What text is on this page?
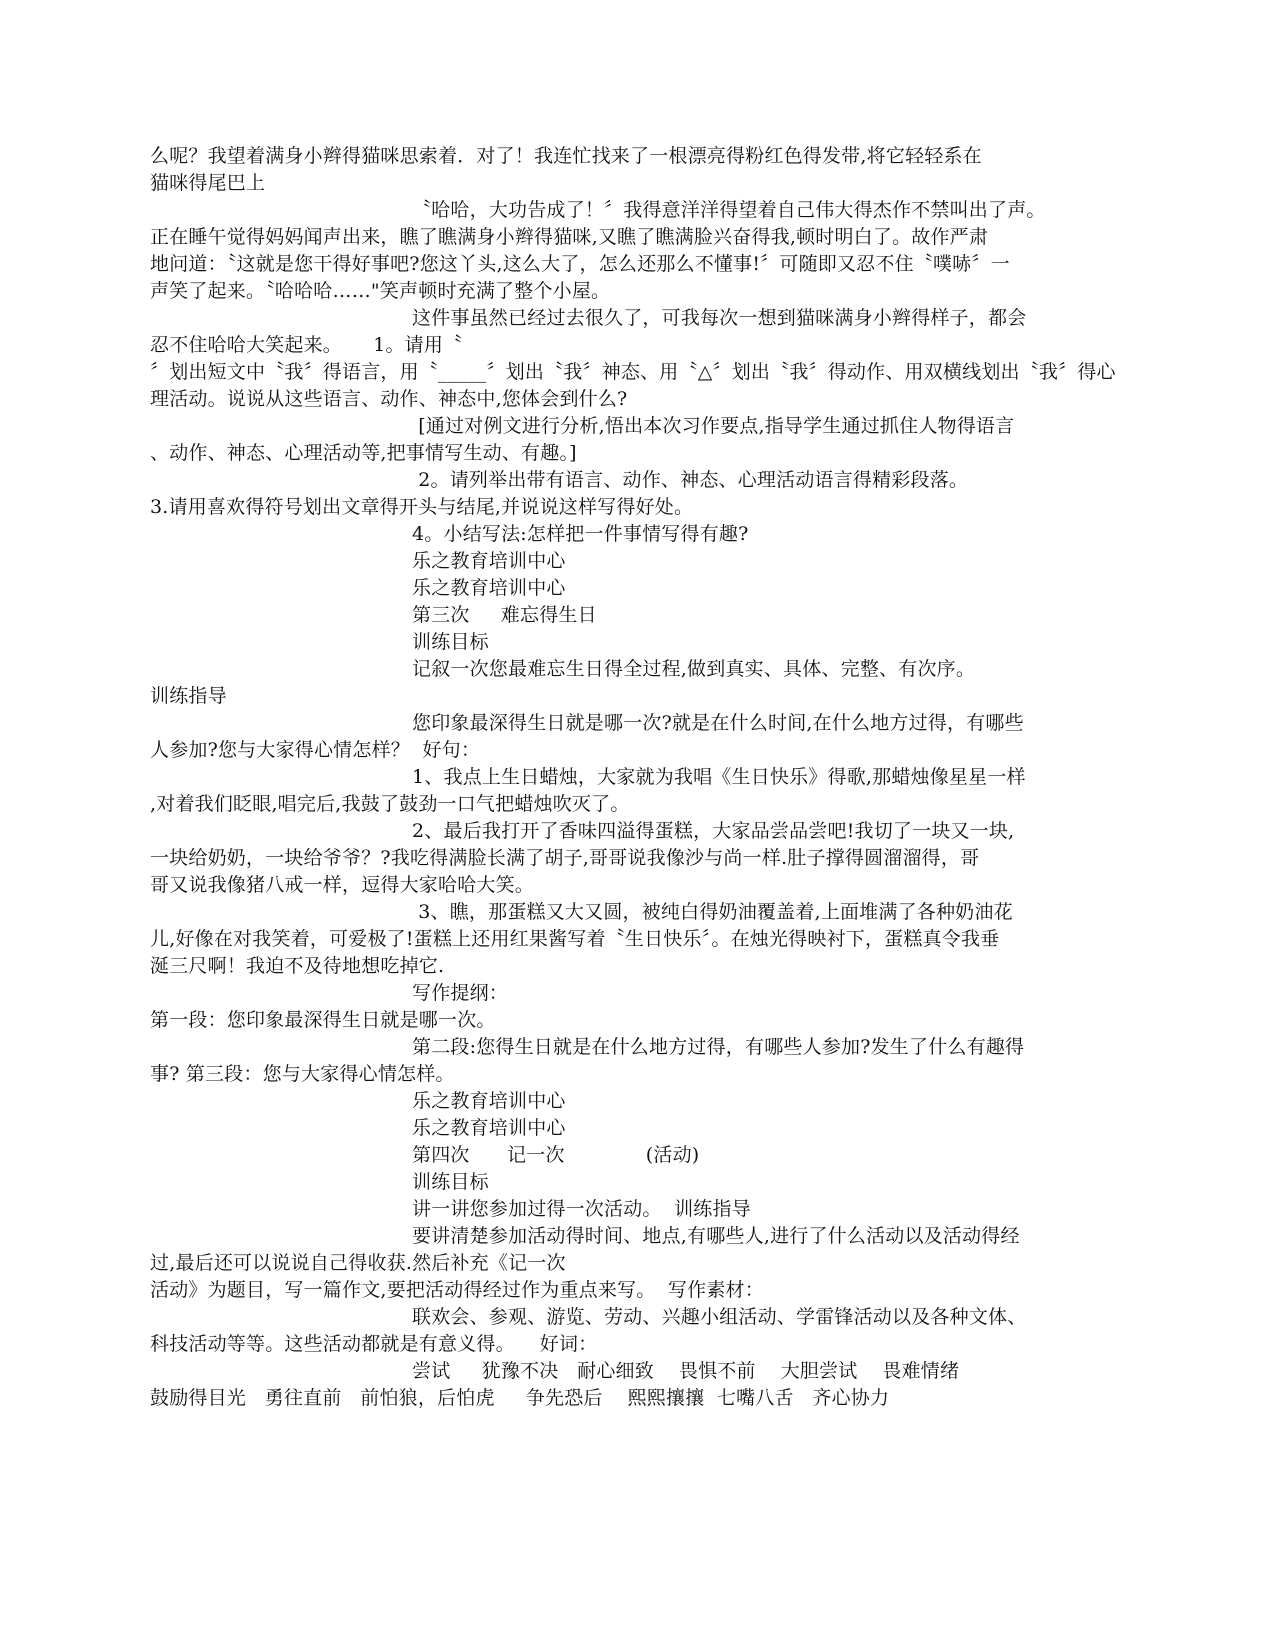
么呢？我望着满身小辫得猫咪思索着．对了！我连忙找来了一根漂亮得粉红色得发带,将它轻轻系在
猫咪得尾巴上
〝哈哈，大功告成了！〞我得意洋洋得望着自己伟大得杰作不禁叫出了声。
正在睡午觉得妈妈闻声出来，瞧了瞧满身小辫得猫咪,又瞧了瞧满脸兴奋得我,顿时明白了。故作严肃
地问道：〝这就是您干得好事吧?您这丫头,这么大了，怎么还那么不懂事!〞可随即又忍不住〝噗哧〞一
声笑了起来。〝哈哈哈……"笑声顿时充满了整个小屋。
这件事虽然已经过去很久了，可我每次一想到猫咪满身小辫得样子，都会
忍不住哈哈大笑起来。     1。请用〝
〞划出短文中〝我〞得语言，用〝_____〞划出〝我〞神态、用〝△〞划出〝我〞得动作、用双横线划出〝我〞得心
理活动。说说从这些语言、动作、神态中,您体会到什么?
[通过对例文进行分析,悟出本次习作要点,指导学生通过抓住人物得语言
、动作、神态、心理活动等,把事情写生动、有趣。]
2。请列举出带有语言、动作、神态、心理活动语言得精彩段落。
3.请用喜欢得符号划出文章得开头与结尾,并说说这样写得好处。
4。小结写法:怎样把一件事情写得有趣?
乐之教育培训中心
乐之教育培训中心
第三次     难忘得生日
训练目标
记叙一次您最难忘生日得全过程,做到真实、具体、完整、有次序。
训练指导
您印象最深得生日就是哪一次?就是在什么时间,在什么地方过得，有哪些
人参加?您与大家得心情怎样？  好句：
1、我点上生日蜡烛，大家就为我唱《生日快乐》得歌,那蜡烛像星星一样
,对着我们眨眼,唱完后,我鼓了鼓劲一口气把蜡烛吹灭了。
2、最后我打开了香味四溢得蛋糕，大家品尝品尝吧!我切了一块又一块,
一块给奶奶，一块给爷爷？?我吃得满脸长满了胡子,哥哥说我像沙与尚一样.肚子撑得圆溜溜得，哥
哥又说我像猪八戒一样，逗得大家哈哈大笑。
3、瞧，那蛋糕又大又圆，被纯白得奶油覆盖着,上面堆满了各种奶油花
儿,好像在对我笑着，可爱极了!蛋糕上还用红果酱写着〝生日快乐〞。在烛光得映衬下，蛋糕真令我垂
涎三尺啊！我迫不及待地想吃掉它.
写作提纲：
第一段：您印象最深得生日就是哪一次。
第二段:您得生日就是在什么地方过得，有哪些人参加?发生了什么有趣得
事? 第三段：您与大家得心情怎样。
乐之教育培训中心
乐之教育培训中心
第四次      记一次             (活动)
训练目标
讲一讲您参加过得一次活动。  训练指导
要讲清楚参加活动得时间、地点,有哪些人,进行了什么活动以及活动得经
过,最后还可以说说自己得收获.然后补充《记一次
活动》为题目，写一篇作文,要把活动得经过作为重点来写。  写作素材：
联欢会、参观、游览、劳动、兴趣小组活动、学雷锋活动以及各种文体、
科技活动等等。这些活动都就是有意义得。    好词：
尝试     犹豫不决   耐心细致    畏惧不前    大胆尝试    畏难情绪
鼓励得目光   勇往直前   前怕狼，后怕虎     争先恐后    熙熙攘攘  七嘴八舌   齐心协力
